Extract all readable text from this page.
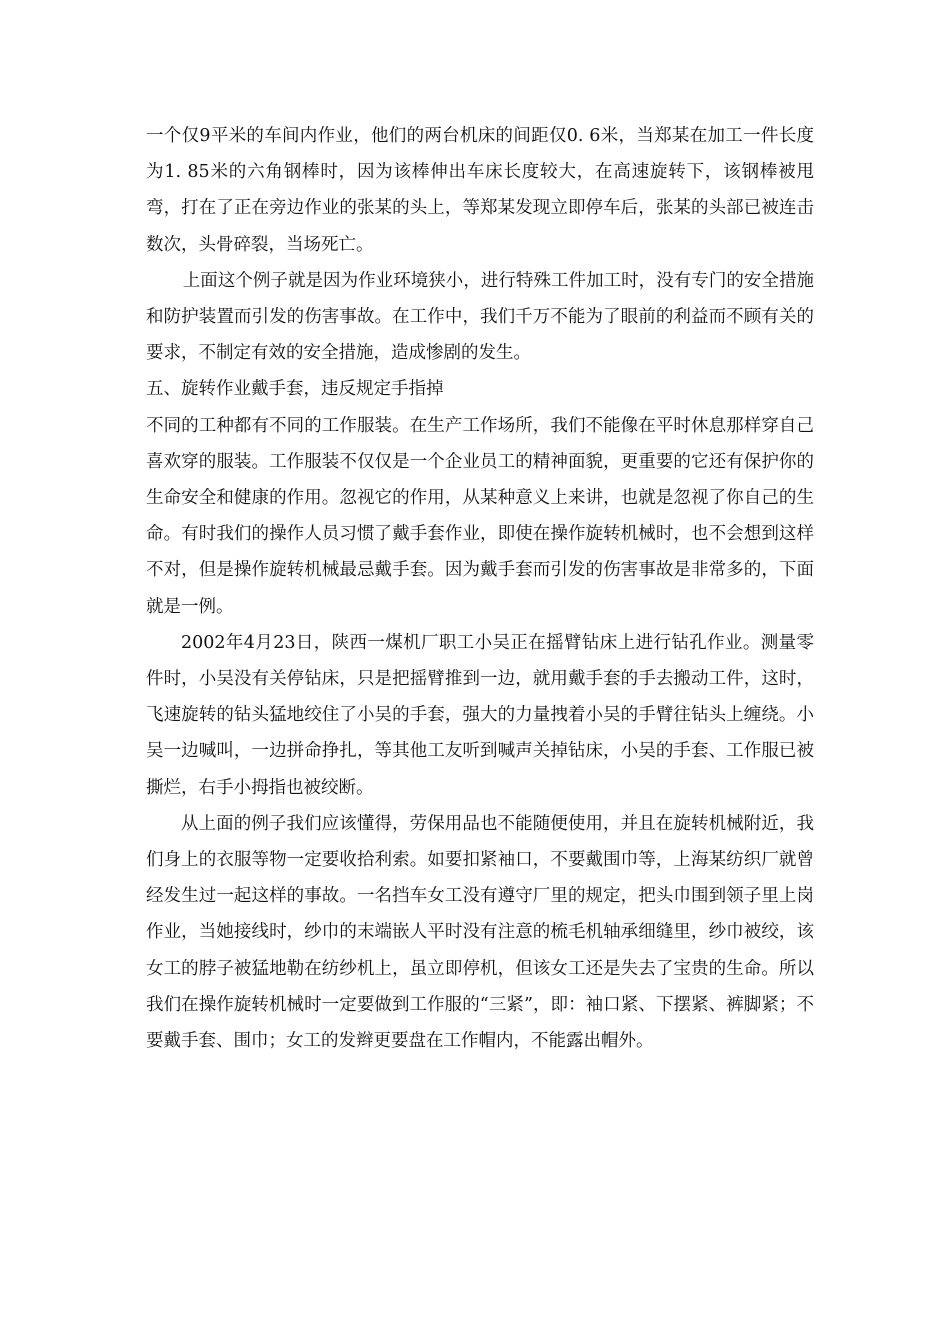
一个仅9平米的车间内作业，他们的两台机床的间距仅0. 6米，当郑某在加工一件长度为1. 85米的六角钢棒时，因为该棒伸出车床长度较大，在高速旋转下，该钢棒被甩弯，打在了正在旁边作业的张某的头上，等郑某发现立即停车后，张某的头部已被连击数次，头骨碎裂，当场死亡。

上面这个例子就是因为作业环境狭小，进行特殊工件加工时，没有专门的安全措施和防护装置而引发的伤害事故。在工作中，我们千万不能为了眼前的利益而不顾有关的要求，不制定有效的安全措施，造成惨剧的发生。

五、旋转作业戴手套，违反规定手指掉

不同的工种都有不同的工作服装。在生产工作场所，我们不能像在平时休息那样穿自己喜欢穿的服装。工作服装不仅仅是一个企业员工的精神面貌，更重要的它还有保护你的生命安全和健康的作用。忽视它的作用，从某种意义上来讲，也就是忽视了你自己的生命。有时我们的操作人员习惯了戴手套作业，即使在操作旋转机械时，也不会想到这样不对，但是操作旋转机械最忌戴手套。因为戴手套而引发的伤害事故是非常多的，下面就是一例。

2002年4月23日，陕西一煤机厂职工小吴正在摇臂钻床上进行钻孔作业。测量零件时，小吴没有关停钻床，只是把摇臂推到一边，就用戴手套的手去搬动工件，这时，飞速旋转的钻头猛地绞住了小吴的手套，强大的力量拽着小吴的手臂往钻头上缠绕。小吴一边喊叫，一边拼命挣扎，等其他工友听到喊声关掉钻床，小吴的手套、工作服已被撕烂，右手小拇指也被绞断。

从上面的例子我们应该懂得，劳保用品也不能随便使用，并且在旋转机械附近，我们身上的衣服等物一定要收拾利索。如要扣紧袖口，不要戴围巾等，上海某纺织厂就曾经发生过一起这样的事故。一名挡车女工没有遵守厂里的规定，把头巾围到领子里上岗作业，当她接线时，纱巾的末端嵌人平时没有注意的梳毛机轴承细缝里，纱巾被绞，该女工的脖子被猛地勒在纺纱机上，虽立即停机，但该女工还是失去了宝贵的生命。所以我们在操作旋转机械时一定要做到工作服的“三紧”，即：袖口紧、下摆紧、裤脚紧；不要戴手套、围巾；女工的发辫更要盘在工作帽内，不能露出帽外。
